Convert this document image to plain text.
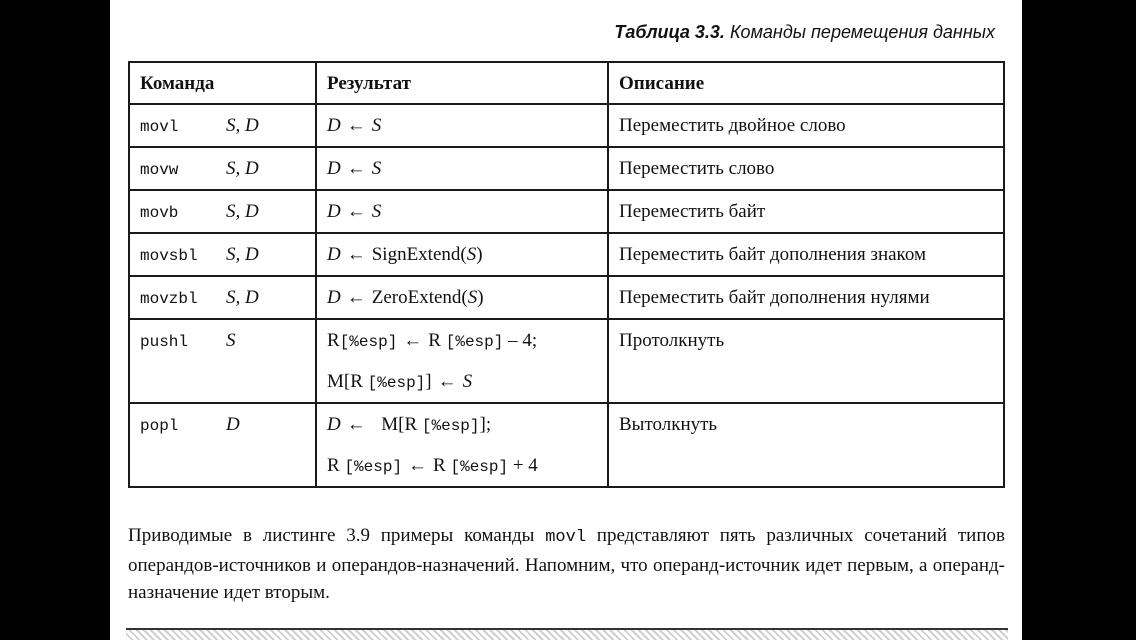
Таблица 3.3. Команды перемещения данных
Команда	Результат	Описание

movl S, D	D ← S	Переместить двойное слово

movw S, D	D ← S	Переместить слово

movb S, D	D ← S	Переместить байт

movsbl S, D	D ← SignExtend(S)	Переместить байт дополнения знаком

movzbl S, D	D ← ZeroExtend(S)	Переместить байт дополнения нулями

pushl S	R[%esp] ← R [%esp] – 4;
M[R [%esp]] ← S	Протолкнуть

popl D	D ←  M[R [%esp]];
R [%esp] ← R [%esp] + 4	Вытолкнуть

Приводимые в листинге 3.9 примеры команды movl представляют пять различных сочетаний типов операндов-источников и операндов-назначений. Напомним, что операнд-источник идет первым, а операнд-назначение идет вторым.
